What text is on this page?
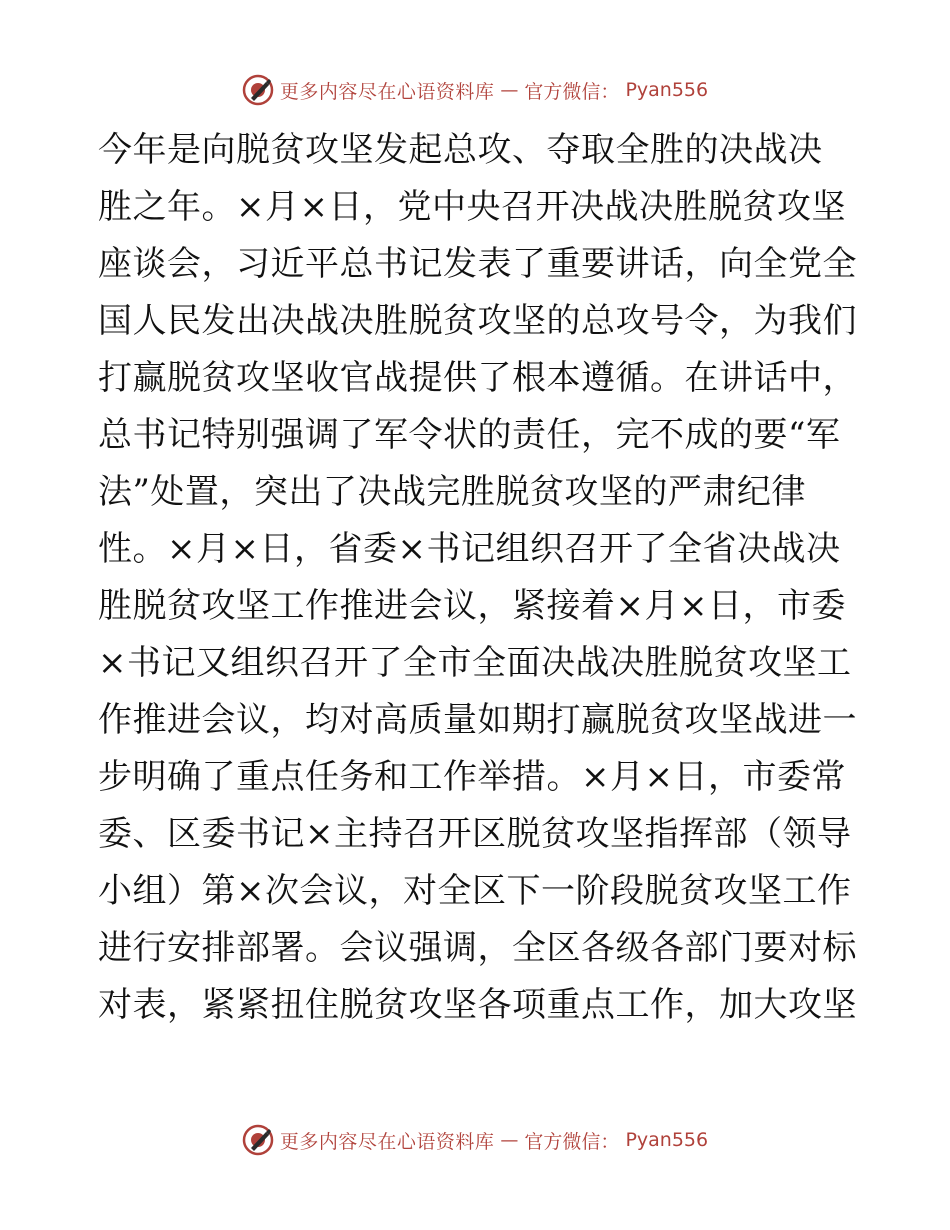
更多内容尽在心语资料库 — 官方微信： Pyan556
今年是向脱贫攻坚发起总攻、夺取全胜的决战决
胜之年。×月×日，党中央召开决战决胜脱贫攻坚
座谈会，习近平总书记发表了重要讲话，向全党全
国人民发出决战决胜脱贫攻坚的总攻号令，为我们
打赢脱贫攻坚收官战提供了根本遵循。在讲话中，
总书记特别强调了军令状的责任，完不成的要“军
法”处置，突出了决战完胜脱贫攻坚的严肃纪律
性。×月×日，省委×书记组织召开了全省决战决
胜脱贫攻坚工作推进会议，紧接着×月×日，市委
×书记又组织召开了全市全面决战决胜脱贫攻坚工
作推进会议，均对高质量如期打赢脱贫攻坚战进一
步明确了重点任务和工作举措。×月×日，市委常
委、区委书记×主持召开区脱贫攻坚指挥部（领导
小组）第×次会议，对全区下一阶段脱贫攻坚工作
进行安排部署。会议强调，全区各级各部门要对标
对表，紧紧扭住脱贫攻坚各项重点工作，加大攻坚
更多内容尽在心语资料库 — 官方微信： Pyan556
